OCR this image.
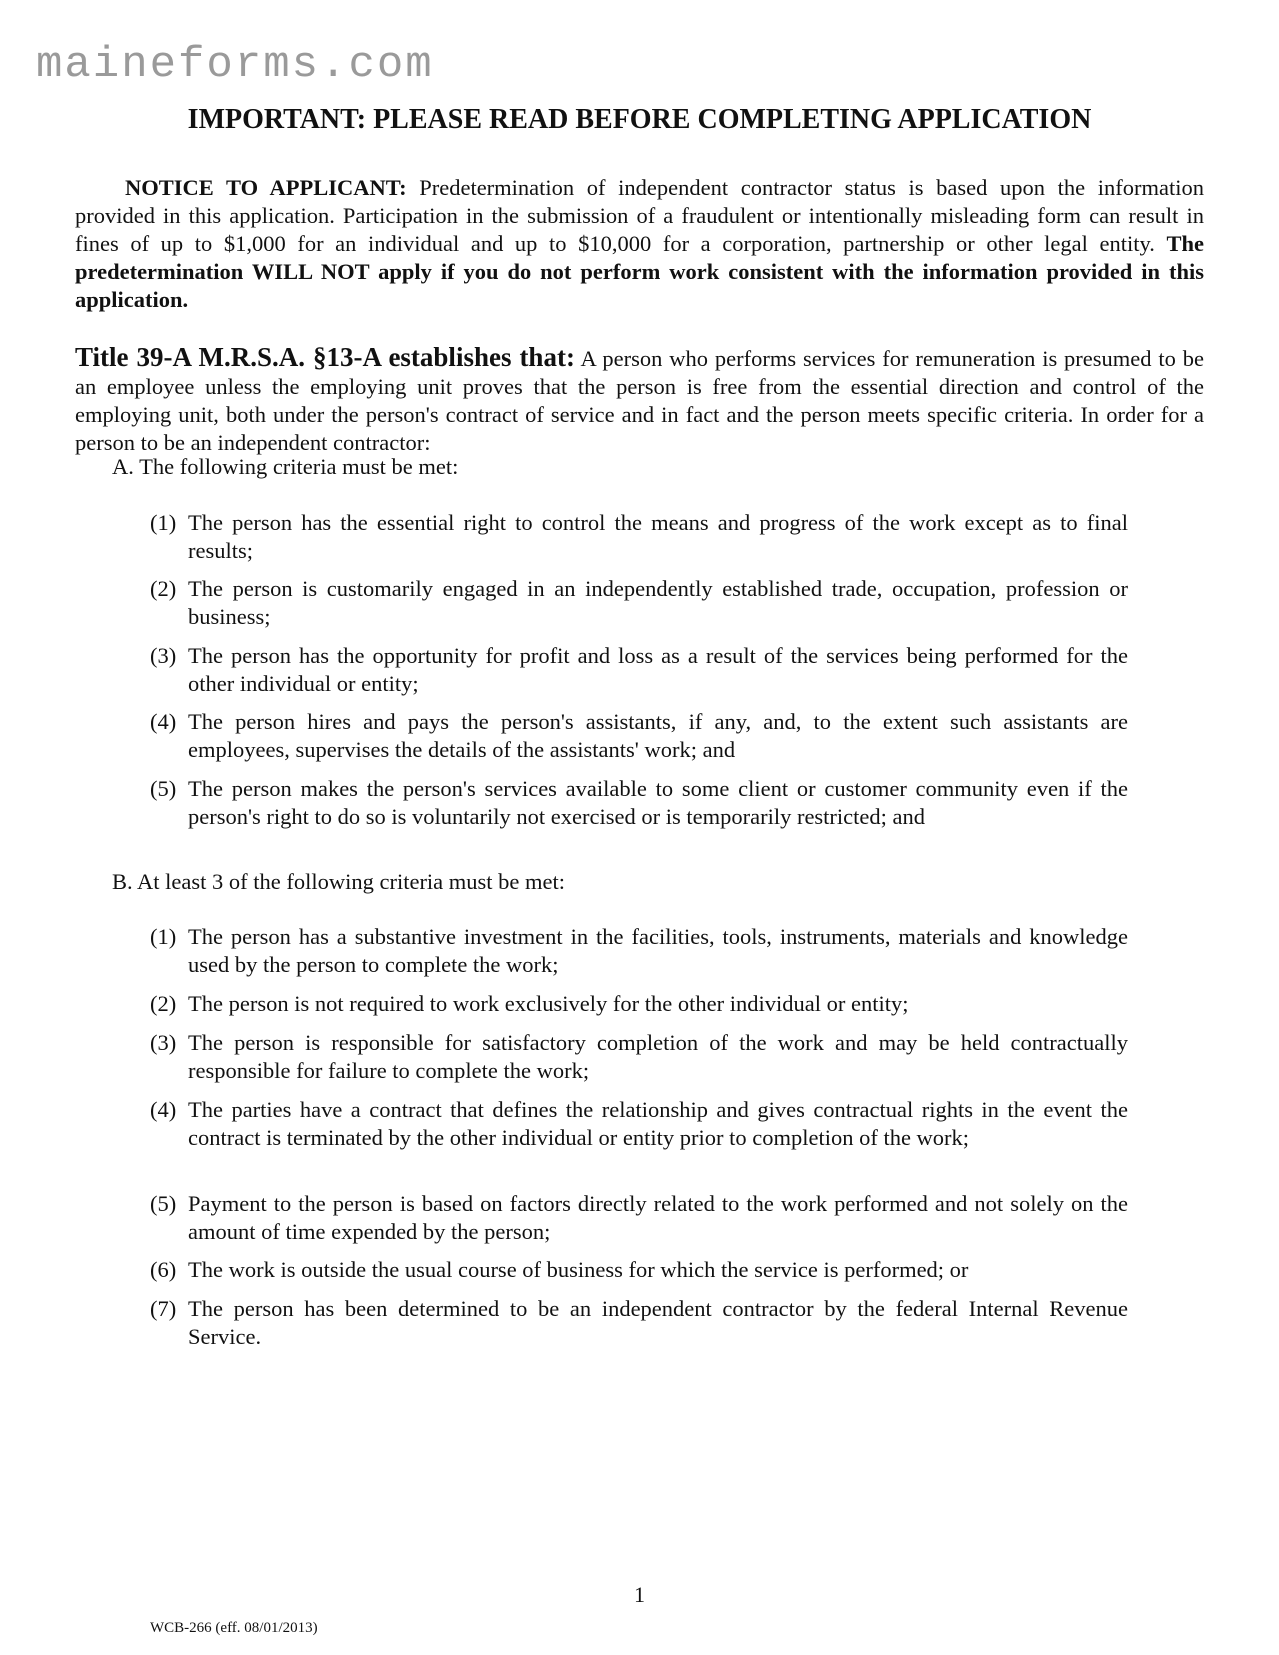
maineforms.com
IMPORTANT: PLEASE READ BEFORE COMPLETING APPLICATION

NOTICE TO APPLICANT: Predetermination of independent contractor status is based upon the information provided in this application. Participation in the submission of a fraudulent or intentionally misleading form can result in fines of up to $1,000 for an individual and up to $10,000 for a corporation, partnership or other legal entity. The predetermination WILL NOT apply if you do not perform work consistent with the information provided in this application.

Title 39-A M.R.S.A. §13-A establishes that: A person who performs services for remuneration is presumed to be an employee unless the employing unit proves that the person is free from the essential direction and control of the employing unit, both under the person's contract of service and in fact and the person meets specific criteria. In order for a person to be an independent contractor:

A. The following criteria must be met:
(1) The person has the essential right to control the means and progress of the work except as to final results;
(2) The person is customarily engaged in an independently established trade, occupation, profession or business;
(3) The person has the opportunity for profit and loss as a result of the services being performed for the other individual or entity;
(4) The person hires and pays the person's assistants, if any, and, to the extent such assistants are employees, supervises the details of the assistants' work; and
(5) The person makes the person's services available to some client or customer community even if the person's right to do so is voluntarily not exercised or is temporarily restricted; and
B. At least 3 of the following criteria must be met:
(1) The person has a substantive investment in the facilities, tools, instruments, materials and knowledge used by the person to complete the work;
(2) The person is not required to work exclusively for the other individual or entity;
(3) The person is responsible for satisfactory completion of the work and may be held contractually responsible for failure to complete the work;
(4) The parties have a contract that defines the relationship and gives contractual rights in the event the contract is terminated by the other individual or entity prior to completion of the work;
(5) Payment to the person is based on factors directly related to the work performed and not solely on the amount of time expended by the person;
(6) The work is outside the usual course of business for which the service is performed; or
(7) The person has been determined to be an independent contractor by the federal Internal Revenue Service.
1
WCB-266 (eff. 08/01/2013)
